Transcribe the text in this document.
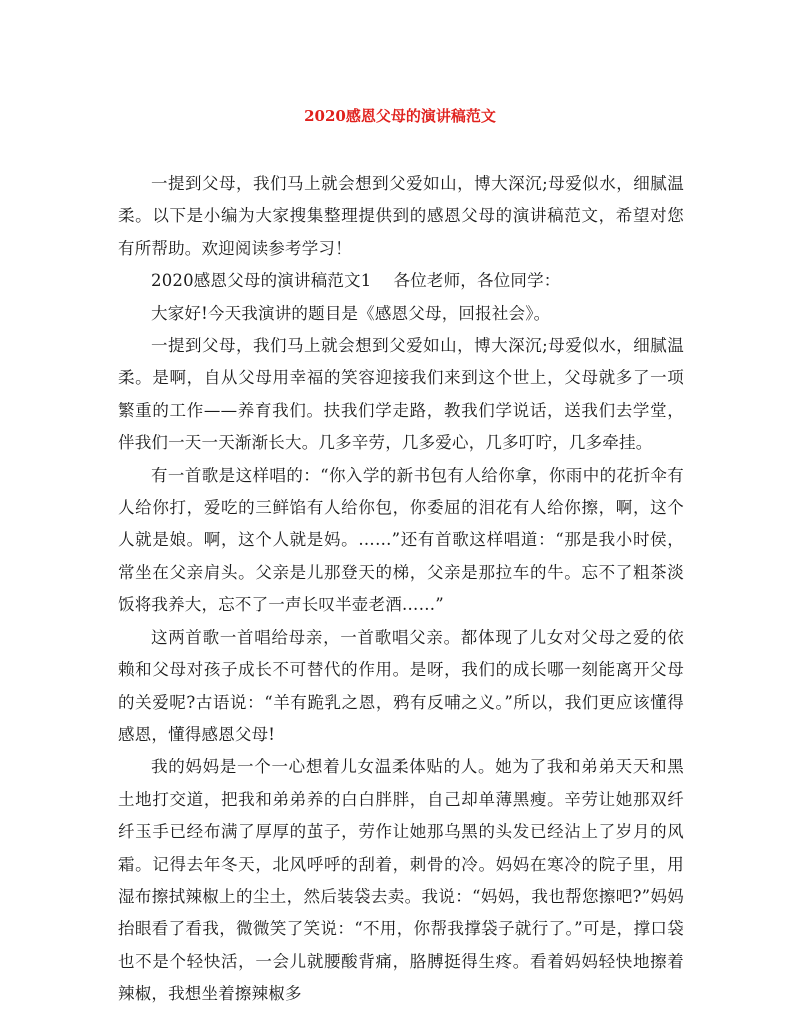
2020感恩父母的演讲稿范文

一提到父母，我们马上就会想到父爱如山，博大深沉;母爱似水，细腻温柔。以下是小编为大家搜集整理提供到的感恩父母的演讲稿范文，希望对您有所帮助。欢迎阅读参考学习！

2020感恩父母的演讲稿范文1 各位老师，各位同学：

大家好!今天我演讲的题目是《感恩父母，回报社会》。

一提到父母，我们马上就会想到父爱如山，博大深沉;母爱似水，细腻温柔。是啊，自从父母用幸福的笑容迎接我们来到这个世上，父母就多了一项繁重的工作——养育我们。扶我们学走路，教我们学说话，送我们去学堂，伴我们一天一天渐渐长大。几多辛劳，几多爱心，几多叮咛，几多牵挂。

有一首歌是这样唱的：“你入学的新书包有人给你拿，你雨中的花折伞有人给你打，爱吃的三鲜馅有人给你包，你委屈的泪花有人给你擦，啊，这个人就是娘。啊，这个人就是妈。……”还有首歌这样唱道：“那是我小时侯，常坐在父亲肩头。父亲是儿那登天的梯，父亲是那拉车的牛。忘不了粗茶淡饭将我养大，忘不了一声长叹半壶老酒……”

这两首歌一首唱给母亲，一首歌唱父亲。都体现了儿女对父母之爱的依赖和父母对孩子成长不可替代的作用。是呀，我们的成长哪一刻能离开父母的关爱呢?古语说：“羊有跪乳之恩，鸦有反哺之义。”所以，我们更应该懂得感恩，懂得感恩父母!

我的妈妈是一个一心想着儿女温柔体贴的人。她为了我和弟弟天天和黑土地打交道，把我和弟弟养的白白胖胖，自己却单薄黑瘦。辛劳让她那双纤纤玉手已经布满了厚厚的茧子，劳作让她那乌黑的头发已经沾上了岁月的风霜。记得去年冬天，北风呼呼的刮着，刺骨的冷。妈妈在寒冷的院子里，用湿布擦拭辣椒上的尘土，然后装袋去卖。我说：“妈妈，我也帮您擦吧?”妈妈抬眼看了看我，微微笑了笑说：“不用，你帮我撑袋子就行了。”可是，撑口袋也不是个轻快活，一会儿就腰酸背痛，胳膊挺得生疼。看着妈妈轻快地擦着辣椒，我想坐着擦辣椒多
